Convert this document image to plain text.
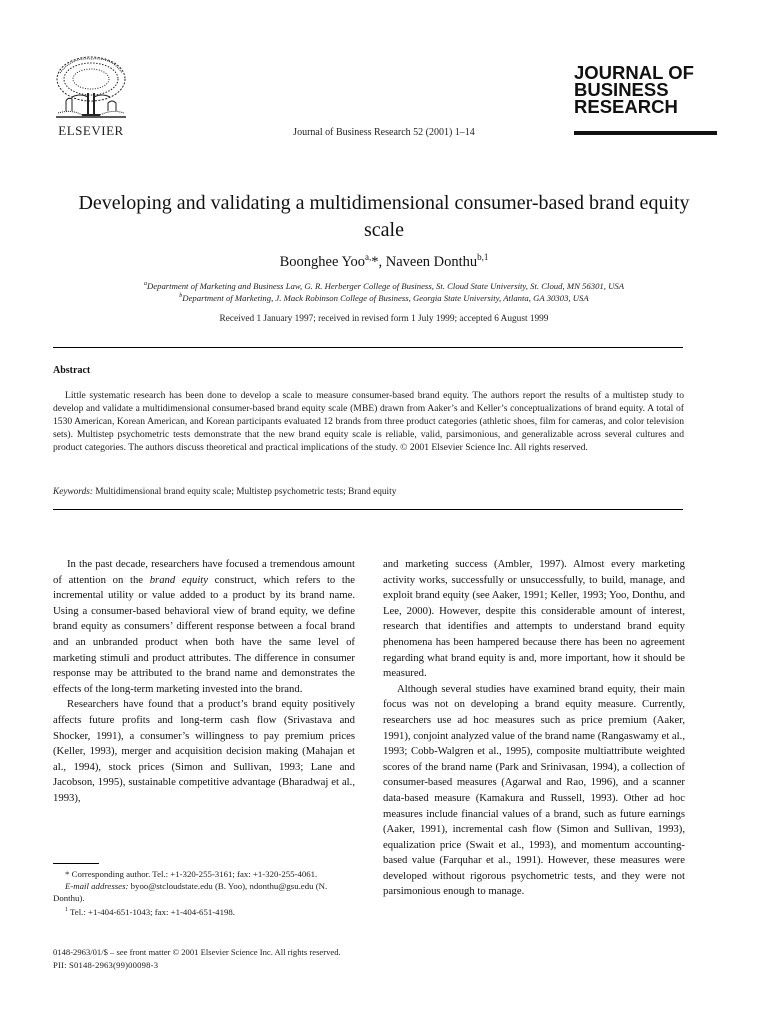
ELSEVIER	Journal of Business Research 52 (2001) 1–14
JOURNAL OF
BUSINESS
RESEARCH
Developing and validating a multidimensional consumer-based brand equity scale
Boonghee Yoo$^{a,}$*, Naveen Donthu$^{b,1}$
$^a$Department of Marketing and Business Law, G. R. Herberger College of Business, St. Cloud State University, St. Cloud, MN 56301, USA
$^b$Department of Marketing, J. Mack Robinson College of Business, Georgia State University, Atlanta, GA 30303, USA
Received 1 January 1997; received in revised form 1 July 1999; accepted 6 August 1999
Abstract
Little systematic research has been done to develop a scale to measure consumer-based brand equity. The authors report the results of a multistep study to develop and validate a multidimensional consumer-based brand equity scale (MBE) drawn from Aaker’s and Keller’s conceptualizations of brand equity. A total of 1530 American, Korean American, and Korean participants evaluated 12 brands from three product categories (athletic shoes, film for cameras, and color television sets). Multistep psychometric tests demonstrate that the new brand equity scale is reliable, valid, parsimonious, and generalizable across several cultures and product categories. The authors discuss theoretical and practical implications of the study. © 2001 Elsevier Science Inc. All rights reserved.
Keywords: Multidimensional brand equity scale; Multistep psychometric tests; Brand equity

In the past decade, researchers have focused a tremendous amount of attention on the brand equity construct, which refers to the incremental utility or value added to a product by its brand name. Using a consumer-based behavioral view of brand equity, we define brand equity as consumers’ different response between a focal brand and an unbranded product when both have the same level of marketing stimuli and product attributes. The difference in consumer response may be attributed to the brand name and demonstrates the effects of the long-term marketing invested into the brand.

Researchers have found that a product’s brand equity positively affects future profits and long-term cash flow (Srivastava and Shocker, 1991), a consumer’s willingness to pay premium prices (Keller, 1993), merger and acquisition decision making (Mahajan et al., 1994), stock prices (Simon and Sullivan, 1993; Lane and Jacobson, 1995), sustainable competitive advantage (Bharadwaj et al., 1993),

and marketing success (Ambler, 1997). Almost every marketing activity works, successfully or unsuccessfully, to build, manage, and exploit brand equity (see Aaker, 1991; Keller, 1993; Yoo, Donthu, and Lee, 2000). However, despite this considerable amount of interest, research that identifies and attempts to understand brand equity phenomena has been hampered because there has been no agreement regarding what brand equity is and, more important, how it should be measured.

Although several studies have examined brand equity, their main focus was not on developing a brand equity measure. Currently, researchers use ad hoc measures such as price premium (Aaker, 1991), conjoint analyzed value of the brand name (Rangaswamy et al., 1993; Cobb-Walgren et al., 1995), composite multiattribute weighted scores of the brand name (Park and Srinivasan, 1994), a collection of consumer-based measures (Agarwal and Rao, 1996), and a scanner data-based measure (Kamakura and Russell, 1993). Other ad hoc measures include financial values of a brand, such as future earnings (Aaker, 1991), incremental cash flow (Simon and Sullivan, 1993), equalization price (Swait et al., 1993), and momentum accounting-based value (Farquhar et al., 1991). However, these measures were developed without rigorous psychometric tests, and they were not parsimonious enough to manage.

* Corresponding author. Tel.: +1-320-255-3161; fax: +1-320-255-4061.

E-mail addresses: byoo@stcloudstate.edu (B. Yoo), ndonthu@gsu.edu (N. Donthu).

$^1$ Tel.: +1-404-651-1043; fax: +1-404-651-4198.

0148-2963/01/$ – see front matter © 2001 Elsevier Science Inc. All rights reserved.
PII: S0148-2963(99)00098-3
